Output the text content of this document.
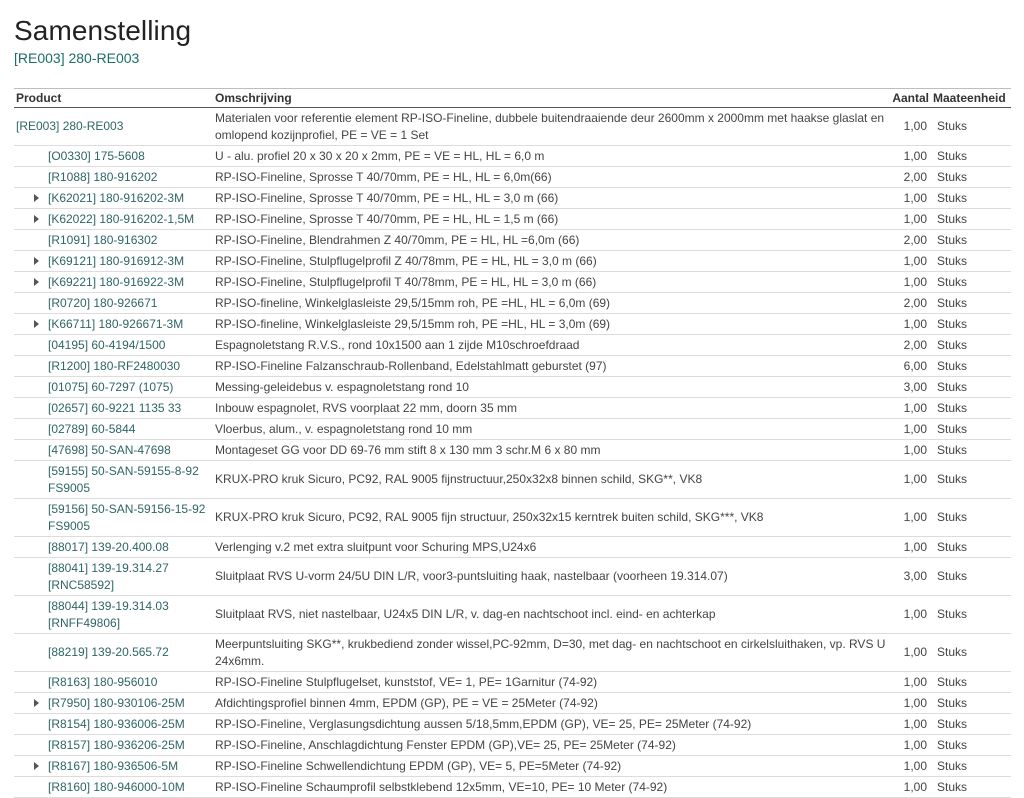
Samenstelling
[RE003] 280-RE003
Product	Omschrijving	Aantal	Maateenheid

[RE003] 280-RE003	Materialen voor referentie element RP-ISO-Fineline, dubbele buitendraaiende deur 2600mm x 2000mm met haakse glaslat en omlopend kozijnprofiel, PE = VE = 1 Set	1,00	Stuks

[O0330] 175-5608	U - alu. profiel 20 x 30 x 20 x 2mm, PE = VE = HL, HL = 6,0 m	1,00	Stuks

[R1088] 180-916202	RP-ISO-Fineline, Sprosse T 40/70mm, PE = HL, HL = 6,0m(66)	2,00	Stuks

[K62021] 180-916202-3M	RP-ISO-Fineline, Sprosse T 40/70mm, PE = HL, HL = 3,0 m (66)	1,00	Stuks

[K62022] 180-916202-1,5M	RP-ISO-Fineline, Sprosse T 40/70mm, PE = HL, HL = 1,5 m (66)	1,00	Stuks

[R1091] 180-916302	RP-ISO-Fineline, Blendrahmen Z 40/70mm, PE = HL, HL =6,0m (66)	2,00	Stuks

[K69121] 180-916912-3M	RP-ISO-Fineline, Stulpflugelprofil Z 40/78mm, PE = HL, HL = 3,0 m (66)	1,00	Stuks

[K69221] 180-916922-3M	RP-ISO-Fineline, Stulpflugelprofil T 40/78mm, PE = HL, HL = 3,0 m (66)	1,00	Stuks

[R0720] 180-926671	RP-ISO-fineline, Winkelglasleiste 29,5/15mm roh, PE =HL, HL = 6,0m (69)	2,00	Stuks

[K66711] 180-926671-3M	RP-ISO-fineline, Winkelglasleiste 29,5/15mm roh, PE =HL, HL = 3,0m (69)	1,00	Stuks

[04195] 60-4194/1500	Espagnoletstang R.V.S., rond 10x1500 aan 1 zijde M10schroefdraad	2,00	Stuks

[R1200] 180-RF2480030	RP-ISO-Fineline Falzanschraub-Rollenband, Edelstahlmatt geburstet (97)	6,00	Stuks

[01075] 60-7297 (1075)	Messing-geleidebus v. espagnoletstang rond 10	3,00	Stuks

[02657] 60-9221 1135 33	Inbouw espagnolet, RVS voorplaat 22 mm, doorn 35 mm	1,00	Stuks

[02789] 60-5844	Vloerbus, alum., v. espagnoletstang rond 10 mm	1,00	Stuks

[47698] 50-SAN-47698	Montageset GG voor DD 69-76 mm stift 8 x 130 mm 3 schr.M 6 x 80 mm	1,00	Stuks

[59155] 50-SAN-59155-8-92 FS9005	KRUX-PRO kruk Sicuro, PC92, RAL 9005 fijnstructuur,250x32x8 binnen schild, SKG**, VK8	1,00	Stuks

[59156] 50-SAN-59156-15-92 FS9005	KRUX-PRO kruk Sicuro, PC92, RAL 9005 fijn structuur, 250x32x15 kerntrek buiten schild, SKG***, VK8	1,00	Stuks

[88017] 139-20.400.08	Verlenging v.2 met extra sluitpunt voor Schuring MPS,U24x6	1,00	Stuks

[88041] 139-19.314.27 [RNC58592]	Sluitplaat RVS U-vorm 24/5U DIN L/R, voor3-puntsluiting haak, nastelbaar (voorheen 19.314.07)	3,00	Stuks

[88044] 139-19.314.03 [RNFF49806]	Sluitplaat RVS, niet nastelbaar, U24x5 DIN L/R, v. dag-en nachtschoot incl. eind- en achterkap	1,00	Stuks

[88219] 139-20.565.72	Meerpuntsluiting SKG**, krukbediend zonder wissel,PC-92mm, D=30, met dag- en nachtschoot en cirkelsluithaken, vp. RVS U 24x6mm.	1,00	Stuks

[R8163] 180-956010	RP-ISO-Fineline Stulpflugelset, kunststof, VE= 1, PE= 1Garnitur (74-92)	1,00	Stuks

[R7950] 180-930106-25M	Afdichtingsprofiel binnen 4mm, EPDM (GP), PE = VE = 25Meter (74-92)	1,00	Stuks

[R8154] 180-936006-25M	RP-ISO-Fineline, Verglasungsdichtung aussen 5/18,5mm,EPDM (GP), VE= 25, PE= 25Meter (74-92)	1,00	Stuks

[R8157] 180-936206-25M	RP-ISO-Fineline, Anschlagdichtung Fenster EPDM (GP),VE= 25, PE= 25Meter (74-92)	1,00	Stuks

[R8167] 180-936506-5M	RP-ISO-Fineline Schwellendichtung EPDM (GP), VE= 5, PE=5Meter (74-92)	1,00	Stuks

[R8160] 180-946000-10M	RP-ISO-Fineline Schaumprofil selbstklebend 12x5mm, VE=10, PE= 10 Meter (74-92)	1,00	Stuks
